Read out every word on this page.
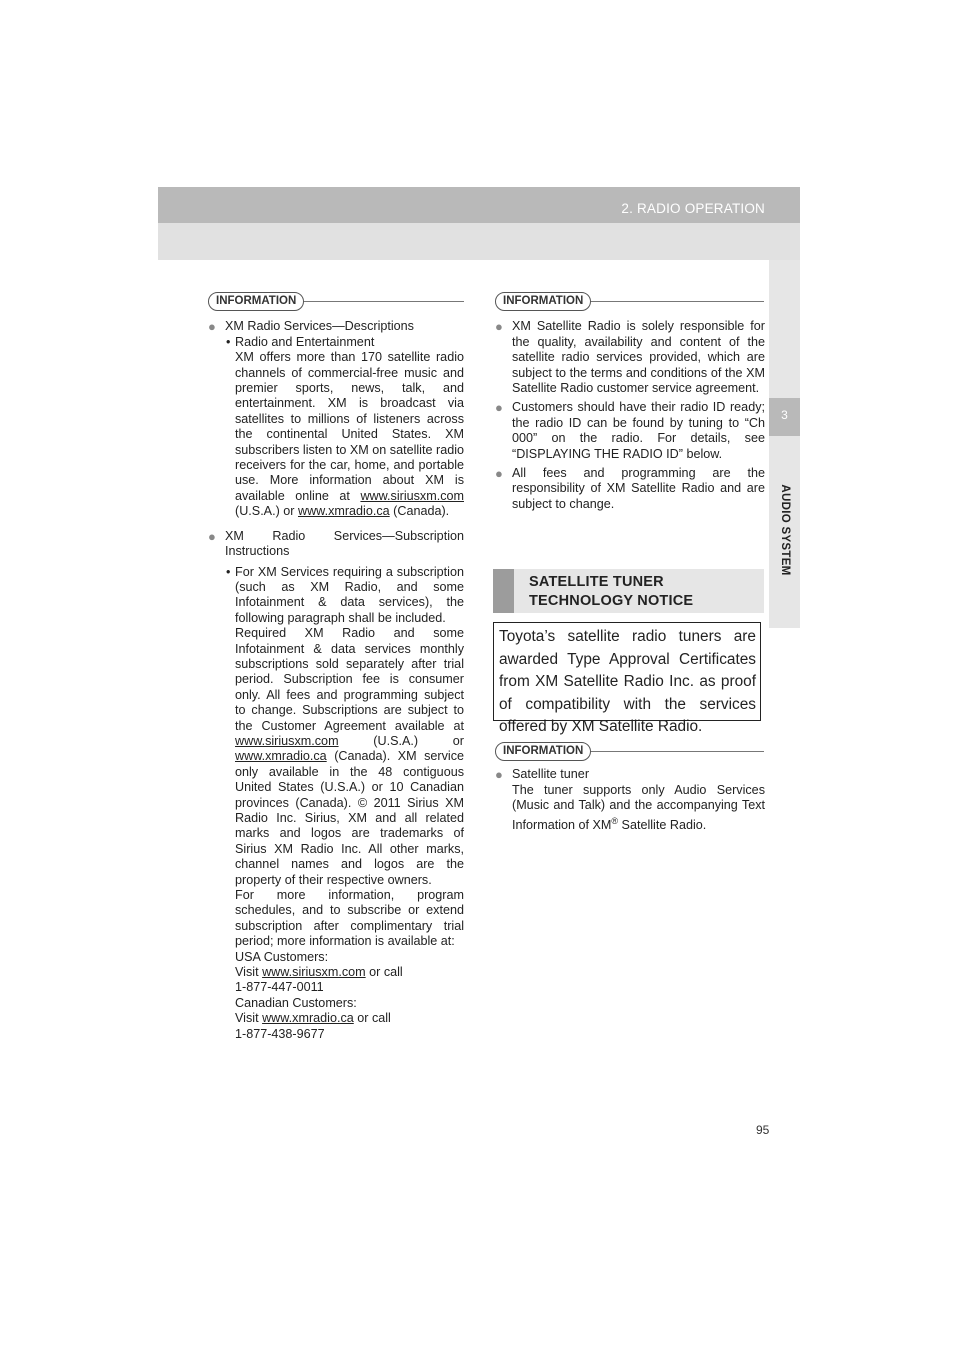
2. RADIO OPERATION
3
AUDIO SYSTEM
INFORMATION
● XM Radio Services—Descriptions
• Radio and Entertainment
XM offers more than 170 satellite radio channels of commercial-free music and premier sports, news, talk, and entertainment. XM is broadcast via satellites to millions of listeners across the continental United States. XM subscribers listen to XM on satellite radio receivers for the car, home, and portable use. More information about XM is available online at www.siriusxm.com (U.S.A.) or www.xmradio.ca (Canada).
● XM Radio Services—Subscription Instructions
• For XM Services requiring a subscription (such as XM Radio, and some Infotainment & data services), the following paragraph shall be included.
Required XM Radio and some Infotainment & data services monthly subscriptions sold separately after trial period. Subscription fee is consumer only. All fees and programming subject to change. Subscriptions are subject to the Customer Agreement available at www.siriusxm.com (U.S.A.) or www.xmradio.ca (Canada). XM service only available in the 48 contiguous United States (U.S.A.) or 10 Canadian provinces (Canada). © 2011 Sirius XM Radio Inc. Sirius, XM and all related marks and logos are trademarks of Sirius XM Radio Inc. All other marks, channel names and logos are the property of their respective owners.
For more information, program schedules, and to subscribe or extend subscription after complimentary trial period; more information is available at:
USA Customers:
Visit www.siriusxm.com or call
1-877-447-0011
Canadian Customers:
Visit www.xmradio.ca or call
1-877-438-9677
INFORMATION
● XM Satellite Radio is solely responsible for the quality, availability and content of the satellite radio services provided, which are subject to the terms and conditions of the XM Satellite Radio customer service agreement.
● Customers should have their radio ID ready; the radio ID can be found by tuning to “Ch 000” on the radio. For details, see “DISPLAYING THE RADIO ID” below.
● All fees and programming are the responsibility of XM Satellite Radio and are subject to change.
SATELLITE TUNER
TECHNOLOGY NOTICE

Toyota’s satellite radio tuners are awarded Type Approval Certificates from XM Satellite Radio Inc. as proof of compatibility with the services offered by XM Satellite Radio.

INFORMATION
● Satellite tuner
The tuner supports only Audio Services (Music and Talk) and the accompanying Text Information of XM® Satellite Radio.
95
